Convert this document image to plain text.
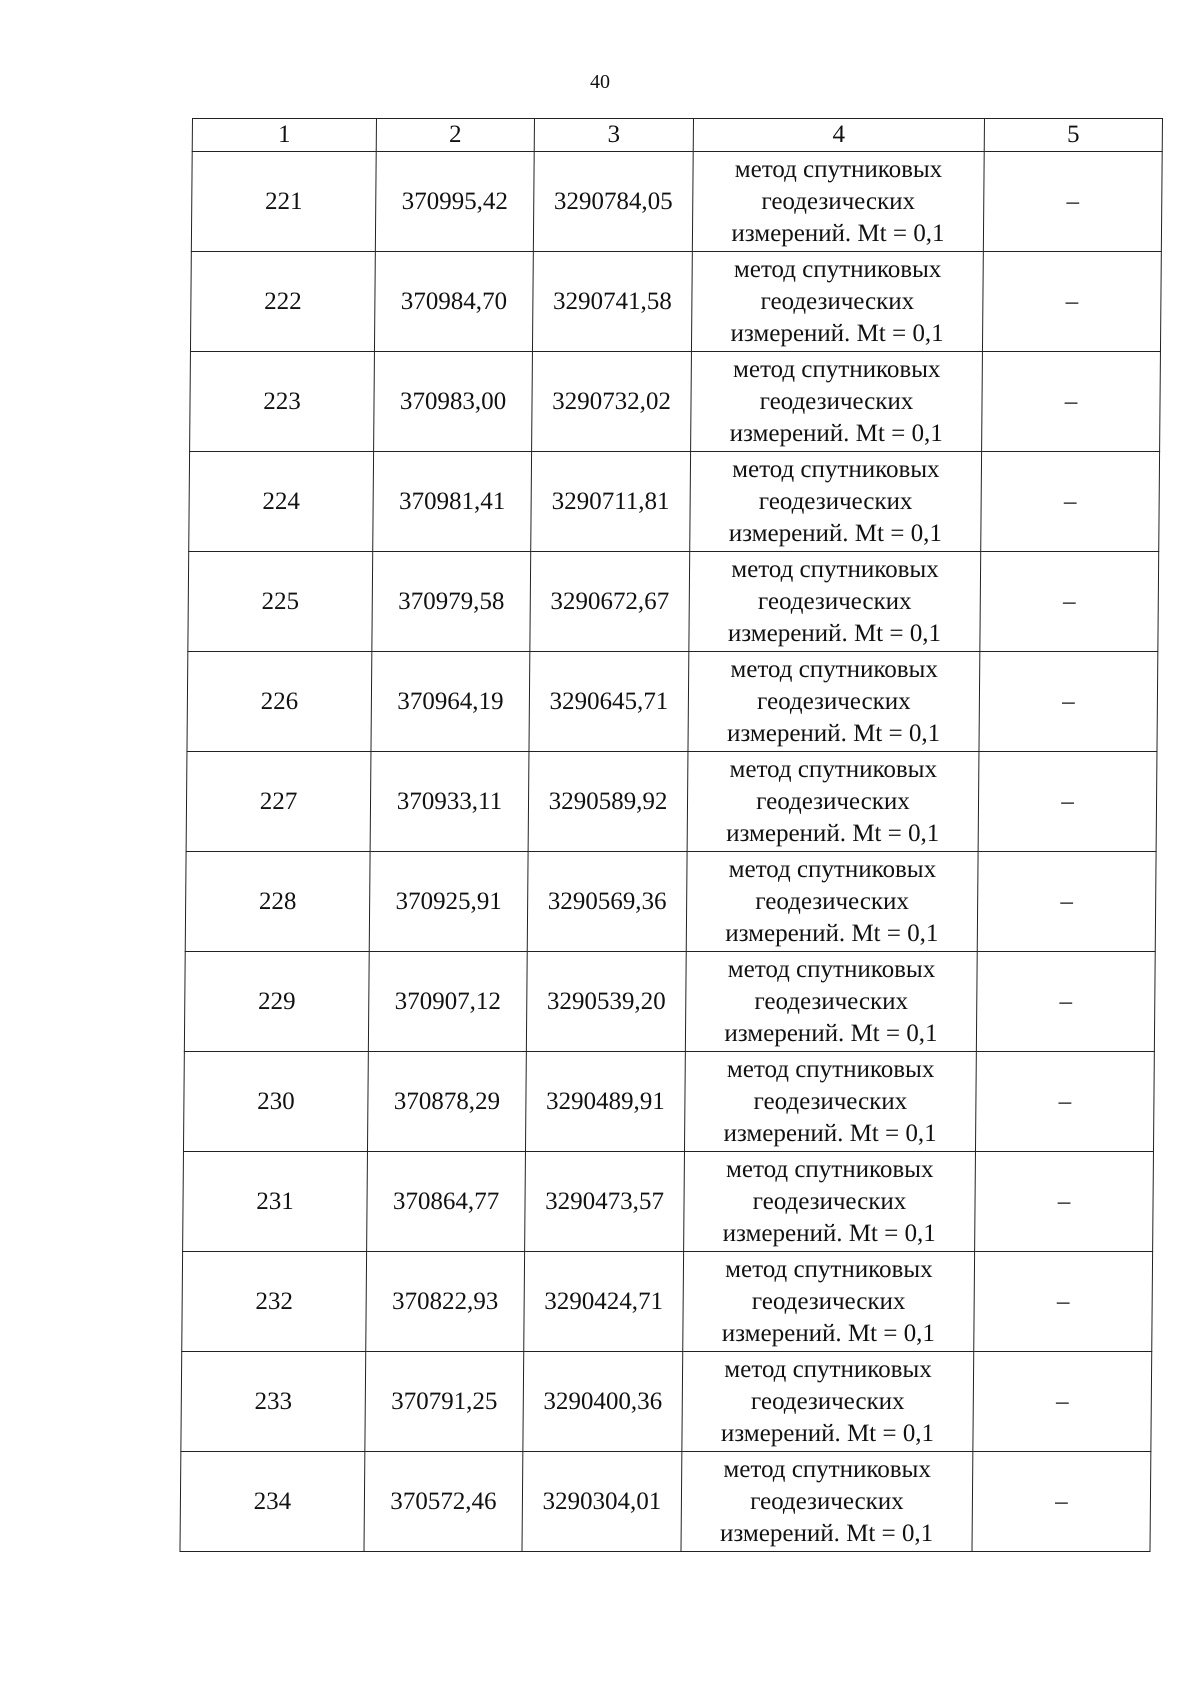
40
1	2	3	4	5
221	370995,42	3290784,05	метод спутниковых
геодезических
измерений. Mt = 0,1	–
222	370984,70	3290741,58	метод спутниковых
геодезических
измерений. Mt = 0,1	–
223	370983,00	3290732,02	метод спутниковых
геодезических
измерений. Mt = 0,1	–
224	370981,41	3290711,81	метод спутниковых
геодезических
измерений. Mt = 0,1	–
225	370979,58	3290672,67	метод спутниковых
геодезических
измерений. Mt = 0,1	–
226	370964,19	3290645,71	метод спутниковых
геодезических
измерений. Mt = 0,1	–
227	370933,11	3290589,92	метод спутниковых
геодезических
измерений. Mt = 0,1	–
228	370925,91	3290569,36	метод спутниковых
геодезических
измерений. Mt = 0,1	–
229	370907,12	3290539,20	метод спутниковых
геодезических
измерений. Mt = 0,1	–
230	370878,29	3290489,91	метод спутниковых
геодезических
измерений. Mt = 0,1	–
231	370864,77	3290473,57	метод спутниковых
геодезических
измерений. Mt = 0,1	–
232	370822,93	3290424,71	метод спутниковых
геодезических
измерений. Mt = 0,1	–
233	370791,25	3290400,36	метод спутниковых
геодезических
измерений. Mt = 0,1	–
234	370572,46	3290304,01	метод спутниковых
геодезических
измерений. Mt = 0,1	–
